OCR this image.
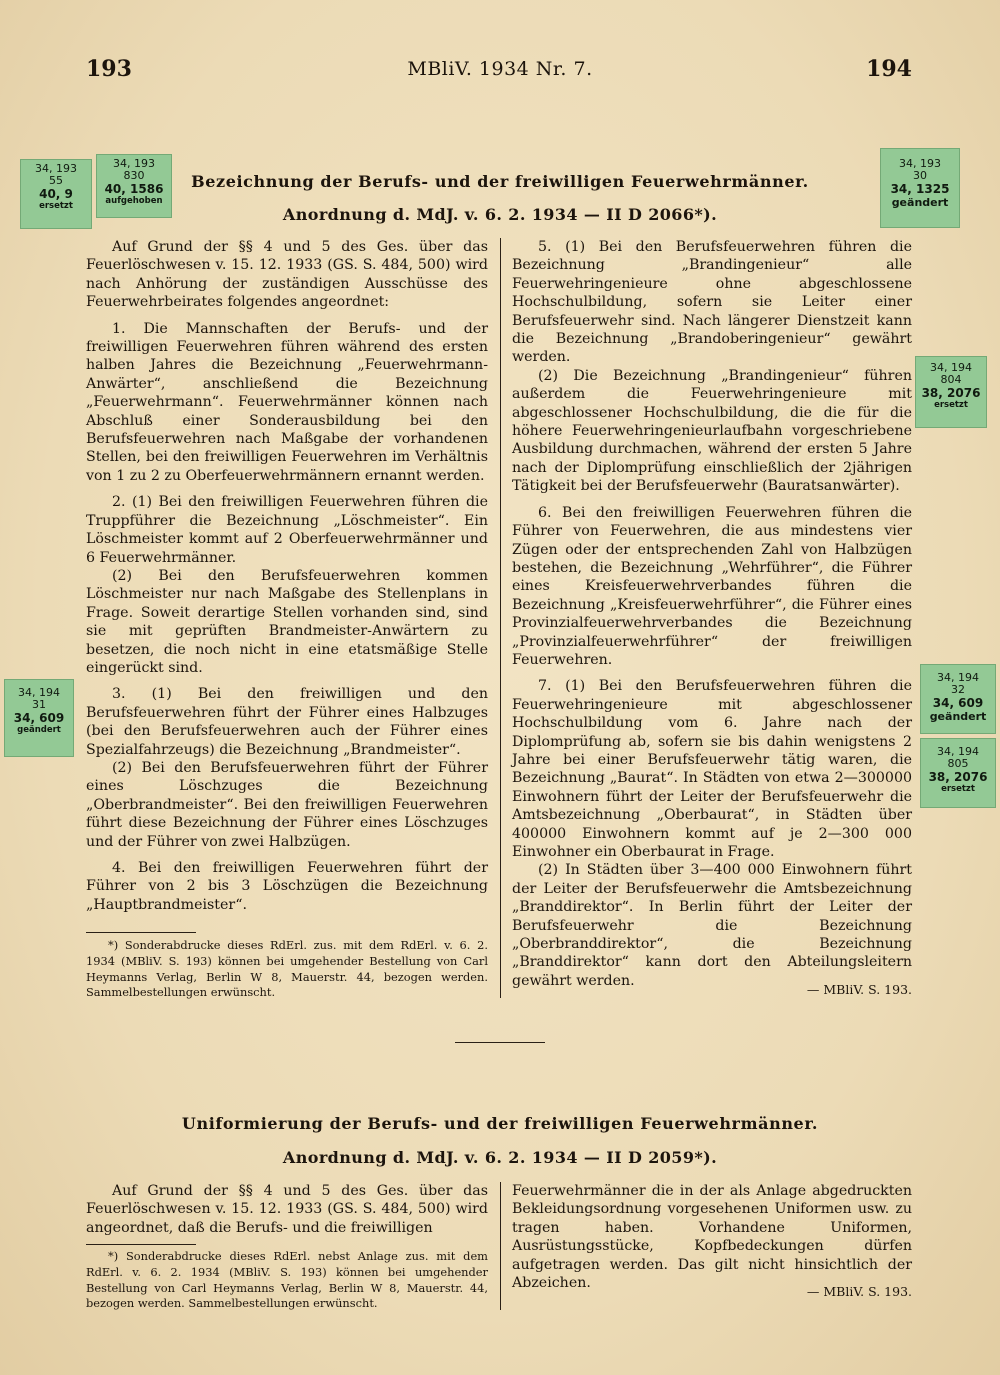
193	MBliV. 1934 Nr. 7.	194
34, 193
55
40, 9
ersetzt
34, 193
830
40, 1586
aufgehoben
34, 193
30
34, 1325
geändert
34, 194
804
38, 2076
ersetzt
34, 194
31
34, 609
geändert
34, 194
32
34, 609
geändert
34, 194
805
38, 2076
ersetzt
Bezeichnung der Berufs- und der freiwilligen Feuerwehrmänner.
Anordnung d. MdJ. v. 6. 2. 1934 — II D 2066*).

Auf Grund der §§ 4 und 5 des Ges. über das Feuerlöschwesen v. 15. 12. 1933 (GS. S. 484, 500) wird nach Anhörung der zuständigen Ausschüsse des Feuerwehrbeirates folgendes angeordnet:

1. Die Mannschaften der Berufs- und der freiwilligen Feuerwehren führen während des ersten halben Jahres die Bezeichnung „Feuerwehrmann-Anwärter“, anschließend die Bezeichnung „Feuerwehrmann“. Feuerwehrmänner können nach Abschluß einer Sonderausbildung bei den Berufsfeuerwehren nach Maßgabe der vorhandenen Stellen, bei den freiwilligen Feuerwehren im Verhältnis von 1 zu 2 zu Oberfeuerwehrmännern ernannt werden.

2. (1) Bei den freiwilligen Feuerwehren führen die Truppführer die Bezeichnung „Löschmeister“. Ein Löschmeister kommt auf 2 Oberfeuerwehrmänner und 6 Feuerwehrmänner.

(2) Bei den Berufsfeuerwehren kommen Löschmeister nur nach Maßgabe des Stellenplans in Frage. Soweit derartige Stellen vorhanden sind, sind sie mit geprüften Brandmeister-Anwärtern zu besetzen, die noch nicht in eine etatsmäßige Stelle eingerückt sind.

3. (1) Bei den freiwilligen und den Berufsfeuerwehren führt der Führer eines Halbzuges (bei den Berufsfeuerwehren auch der Führer eines Spezialfahrzeugs) die Bezeichnung „Brandmeister“.

(2) Bei den Berufsfeuerwehren führt der Führer eines Löschzuges die Bezeichnung „Oberbrandmeister“. Bei den freiwilligen Feuerwehren führt diese Bezeichnung der Führer eines Löschzuges und der Führer von zwei Halbzügen.

4. Bei den freiwilligen Feuerwehren führt der Führer von 2 bis 3 Löschzügen die Bezeichnung „Hauptbrandmeister“.

*) Sonderabdrucke dieses RdErl. zus. mit dem RdErl. v. 6. 2. 1934 (MBliV. S. 193) können bei umgehender Bestellung von Carl Heymanns Verlag, Berlin W 8, Mauerstr. 44, bezogen werden. Sammelbestellungen erwünscht.

5. (1) Bei den Berufsfeuerwehren führen die Bezeichnung „Brandingenieur“ alle Feuerwehringenieure ohne abgeschlossene Hochschulbildung, sofern sie Leiter einer Berufsfeuerwehr sind. Nach längerer Dienstzeit kann die Bezeichnung „Brandoberingenieur“ gewährt werden.

(2) Die Bezeichnung „Brandingenieur“ führen außerdem die Feuerwehringenieure mit abgeschlossener Hochschulbildung, die die für die höhere Feuerwehringenieurlaufbahn vorgeschriebene Ausbildung durchmachen, während der ersten 5 Jahre nach der Diplomprüfung einschließlich der 2jährigen Tätigkeit bei der Berufsfeuerwehr (Bauratsanwärter).

6. Bei den freiwilligen Feuerwehren führen die Führer von Feuerwehren, die aus mindestens vier Zügen oder der entsprechenden Zahl von Halbzügen bestehen, die Bezeichnung „Wehrführer“, die Führer eines Kreisfeuerwehrverbandes führen die Bezeichnung „Kreisfeuerwehrführer“, die Führer eines Provinzialfeuerwehrverbandes die Bezeichnung „Provinzialfeuerwehrführer“ der freiwilligen Feuerwehren.

7. (1) Bei den Berufsfeuerwehren führen die Feuerwehringenieure mit abgeschlossener Hochschulbildung vom 6. Jahre nach der Diplomprüfung ab, sofern sie bis dahin wenigstens 2 Jahre bei einer Berufsfeuerwehr tätig waren, die Bezeichnung „Baurat“. In Städten von etwa 2—300000 Einwohnern führt der Leiter der Berufsfeuerwehr die Amtsbezeichnung „Oberbaurat“, in Städten über 400000 Einwohnern kommt auf je 2—300 000 Einwohner ein Oberbaurat in Frage.

(2) In Städten über 3—400 000 Einwohnern führt der Leiter der Berufsfeuerwehr die Amtsbezeichnung „Branddirektor“. In Berlin führt der Leiter der Berufsfeuerwehr die Bezeichnung „Oberbranddirektor“, die Bezeichnung „Branddirektor“ kann dort den Abteilungsleitern gewährt werden.

— MBliV. S. 193.
Uniformierung der Berufs- und der freiwilligen Feuerwehrmänner.
Anordnung d. MdJ. v. 6. 2. 1934 — II D 2059*).

Auf Grund der §§ 4 und 5 des Ges. über das Feuerlöschwesen v. 15. 12. 1933 (GS. S. 484, 500) wird angeordnet, daß die Berufs- und die freiwilligen

*) Sonderabdrucke dieses RdErl. nebst Anlage zus. mit dem RdErl. v. 6. 2. 1934 (MBliV. S. 193) können bei umgehender Bestellung von Carl Heymanns Verlag, Berlin W 8, Mauerstr. 44, bezogen werden. Sammelbestellungen erwünscht.

Feuerwehrmänner die in der als Anlage abgedruckten Bekleidungsordnung vorgesehenen Uniformen usw. zu tragen haben. Vorhandene Uniformen, Ausrüstungsstücke, Kopfbedeckungen dürfen aufgetragen werden. Das gilt nicht hinsichtlich der Abzeichen.

— MBliV. S. 193.
